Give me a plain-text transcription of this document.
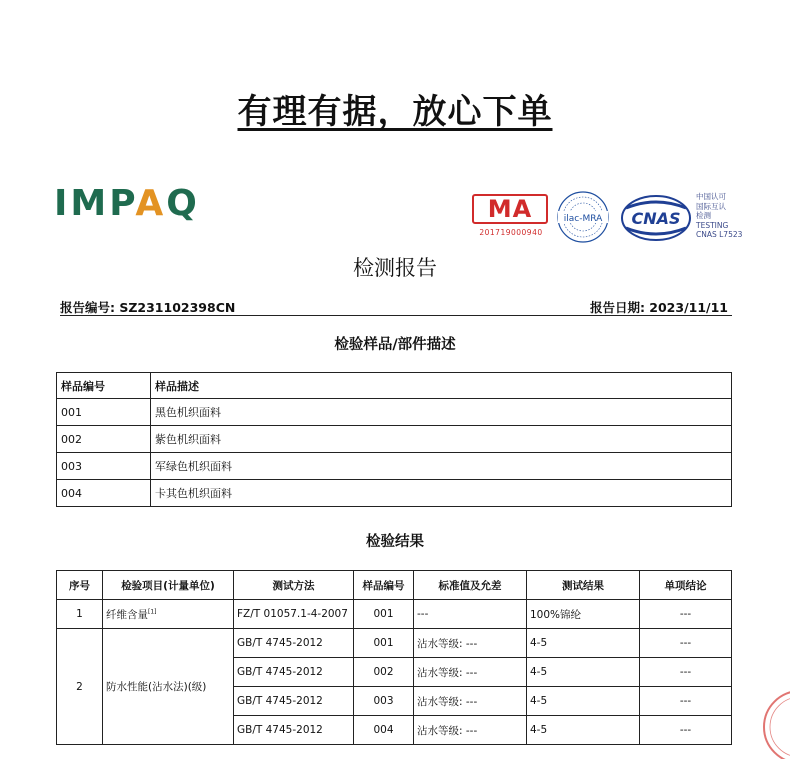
有理有据，放心下单
IMPAQ	MA
201719000940
ilac-MRA CNAS
中国认可
国际互认
检测
TESTING
CNAS L7523
检测报告
报告编号: SZ231102398CN	报告日期: 2023/11/11
检验样品/部件描述
样品编号	样品描述
001	黑色机织面料
002	紫色机织面料
003	军绿色机织面料
004	卡其色机织面料
检验结果
序号	检验项目(计量单位)	测试方法	样品编号	标准值及允差	测试结果	单项结论
1	纤维含量[1]	FZ/T 01057.1-4-2007	001	---	100%锦纶	---
2	防水性能(沾水法)(级)	GB/T 4745-2012	001	沾水等级: ---	4-5	---
		GB/T 4745-2012	002	沾水等级: ---	4-5	---
		GB/T 4745-2012	003	沾水等级: ---	4-5	---
		GB/T 4745-2012	004	沾水等级: ---	4-5	---
